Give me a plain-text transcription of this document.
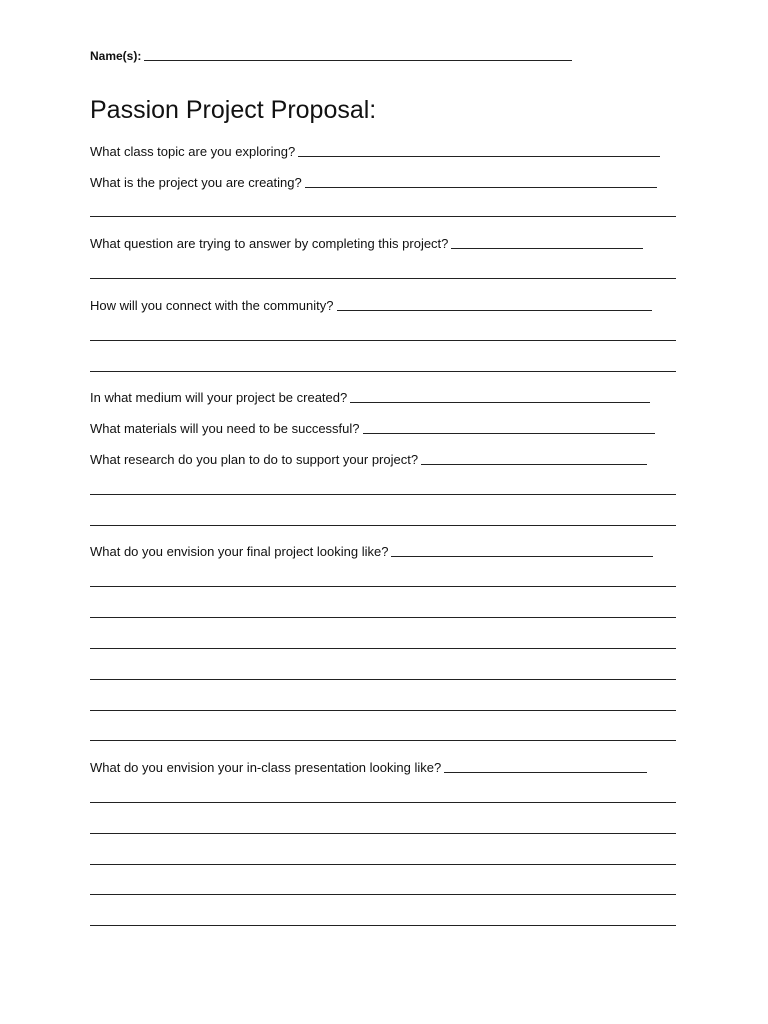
Name(s):
Passion Project Proposal:
What class topic are you exploring?
What is the project you are creating?
What question are trying to answer by completing this project?
How will you connect with the community?
In what medium will your project be created?
What materials will you need to be successful?
What research do you plan to do to support your project?
What do you envision your final project looking like?
What do you envision your in-class presentation looking like?
